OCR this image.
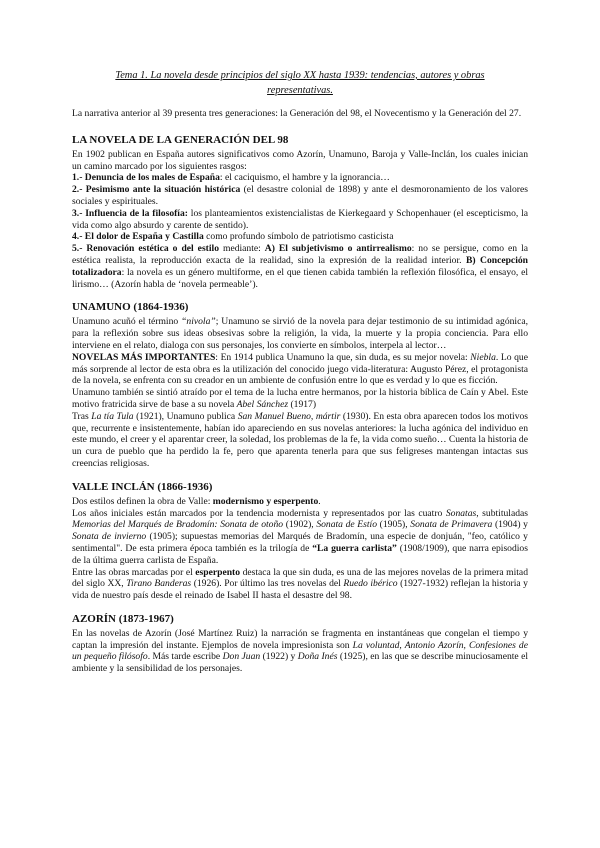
Tema 1. La novela desde principios del siglo XX hasta 1939: tendencias, autores y obras representativas.

La narrativa anterior al 39 presenta tres generaciones: la Generación del 98, el Novecentismo y la Generación del 27.

LA NOVELA DE LA GENERACIÓN DEL 98

En 1902 publican en España autores significativos como Azorín, Unamuno, Baroja y Valle-Inclán, los cuales inician un camino marcado por los siguientes rasgos:

1.- Denuncia de los males de España: el caciquismo, el hambre y la ignorancia…

2.- Pesimismo ante la situación histórica (el desastre colonial de 1898) y ante el desmoronamiento de los valores sociales y espirituales.

3.- Influencia de la filosofía: los planteamientos existencialistas de Kierkegaard y Schopenhauer (el escepticismo, la vida como algo absurdo y carente de sentido).

4.- El dolor de España y Castilla como profundo símbolo de patriotismo casticista

5.- Renovación estética o del estilo mediante: A) El subjetivismo o antirrealismo: no se persigue, como en la estética realista, la reproducción exacta de la realidad, sino la expresión de la realidad interior. B) Concepción totalizadora: la novela es un género multiforme, en el que tienen cabida también la reflexión filosófica, el ensayo, el lirismo… (Azorín habla de ‘novela permeable’).

UNAMUNO (1864-1936)

Unamuno acuñó el término “nivola”; Unamuno se sirvió de la novela para dejar testimonio de su intimidad agónica, para la reflexión sobre sus ideas obsesivas sobre la religión, la vida, la muerte y la propia conciencia. Para ello interviene en el relato, dialoga con sus personajes, los convierte en símbolos, interpela al lector…

NOVELAS MÁS IMPORTANTES: En 1914 publica Unamuno la que, sin duda, es su mejor novela: Niebla. Lo que más sorprende al lector de esta obra es la utilización del conocido juego vida-literatura: Augusto Pérez, el protagonista de la novela, se enfrenta con su creador en un ambiente de confusión entre lo que es verdad y lo que es ficción.

Unamuno también se sintió atraído por el tema de la lucha entre hermanos, por la historia bíblica de Caín y Abel. Este motivo fratricida sirve de base a su novela Abel Sánchez (1917)

Tras La tía Tula (1921), Unamuno publica San Manuel Bueno, mártir (1930). En esta obra aparecen todos los motivos que, recurrente e insistentemente, habían ido apareciendo en sus novelas anteriores: la lucha agónica del individuo en este mundo, el creer y el aparentar creer, la soledad, los problemas de la fe, la vida como sueño… Cuenta la historia de un cura de pueblo que ha perdido la fe, pero que aparenta tenerla para que sus feligreses mantengan intactas sus creencias religiosas.

VALLE INCLÁN (1866-1936)

Dos estilos definen la obra de Valle: modernismo y esperpento.

Los años iniciales están marcados por la tendencia modernista y representados por las cuatro Sonatas, subtituladas Memorias del Marqués de Bradomín: Sonata de otoño (1902), Sonata de Estío (1905), Sonata de Primavera (1904) y Sonata de invierno (1905); supuestas memorias del Marqués de Bradomín, una especie de donjuán, "feo, católico y sentimental". De esta primera época también es la trilogía de “La guerra carlista” (1908/1909), que narra episodios de la última guerra carlista de España.

Entre las obras marcadas por el esperpento destaca la que sin duda, es una de las mejores novelas de la primera mitad del siglo XX, Tirano Banderas (1926). Por último las tres novelas del Ruedo ibérico (1927-1932) reflejan la historia y vida de nuestro país desde el reinado de Isabel II hasta el desastre del 98.

AZORÍN (1873-1967)

En las novelas de Azorín (José Martínez Ruiz) la narración se fragmenta en instantáneas que congelan el tiempo y captan la impresión del instante. Ejemplos de novela impresionista son La voluntad, Antonio Azorín, Confesiones de un pequeño filósofo. Más tarde escribe Don Juan (1922) y Doña Inés (1925), en las que se describe minuciosamente el ambiente y la sensibilidad de los personajes.
